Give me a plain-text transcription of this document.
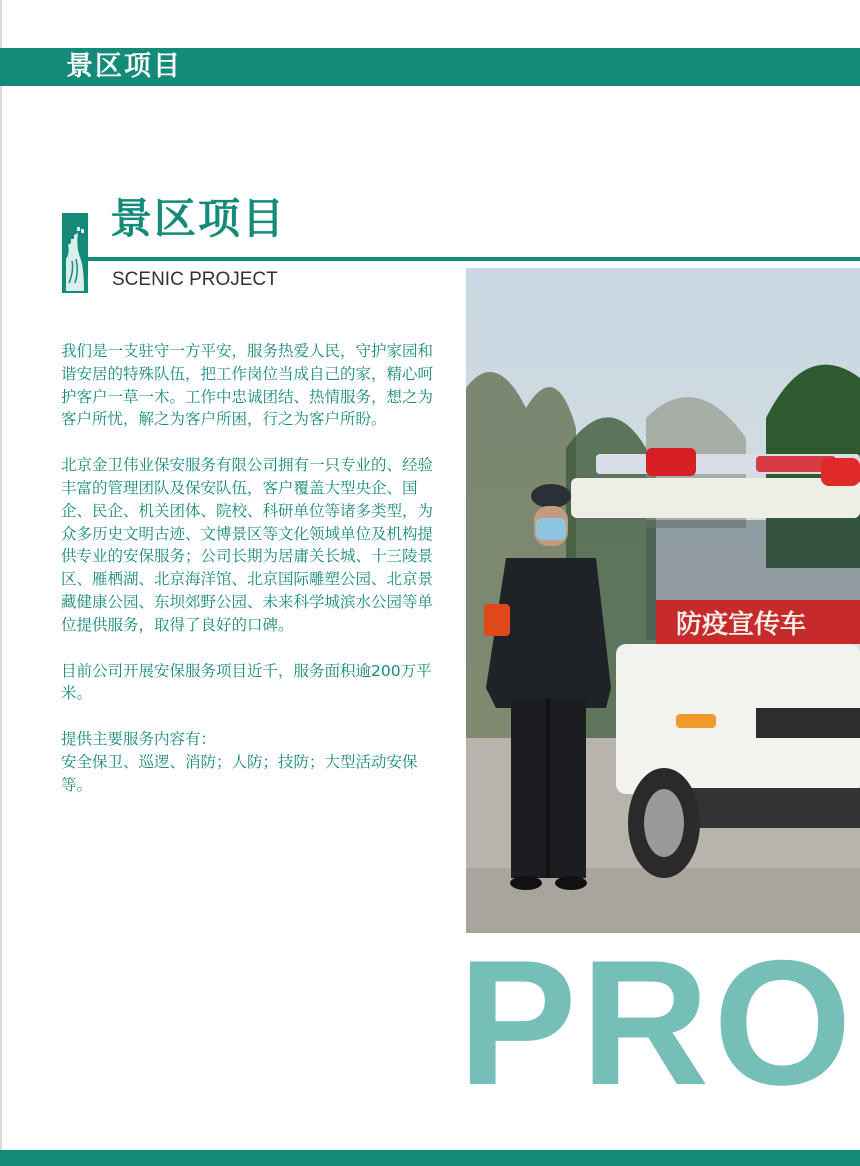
景区项目
景区项目
SCENIC PROJECT

我们是一支驻守一方平安，服务热爱人民，守护家园和谐安居的特殊队伍，把工作岗位当成自己的家，精心呵护客户一草一木。工作中忠诚团结、热情服务，想之为客户所忧，解之为客户所困，行之为客户所盼。

北京金卫伟业保安服务有限公司拥有一只专业的、经验丰富的管理团队及保安队伍，客户覆盖大型央企、国企、民企、机关团体、院校、科研单位等诸多类型，为众多历史文明古迹、文博景区等文化领域单位及机构提供专业的安保服务；公司长期为居庸关长城、十三陵景区、雁栖湖、北京海洋馆、北京国际雕塑公园、北京景藏健康公园、东坝郊野公园、未来科学城滨水公园等单位提供服务，取得了良好的口碑。

目前公司开展安保服务项目近千，服务面积逾200万平米。

提供主要服务内容有：

安全保卫、巡逻、消防；人防；技防；大型活动安保等。

防疫宣传车
PRO
